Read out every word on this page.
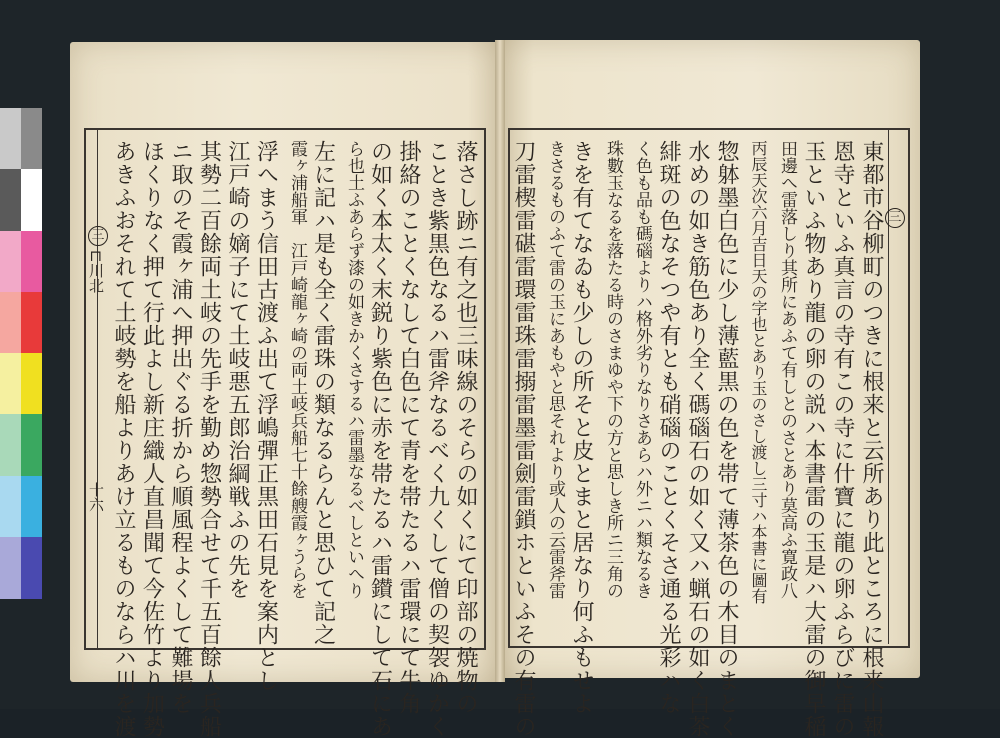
三
⊏川北
十六
三
落さし跡ニ有之也三味線のそらの如くにて印部の焼物の
ことき紫黒色なるハ雷斧なるべく九くして僧の契袈ゆかく
掛絡のことくなして白色にて青を帯たるハ雷環にて牛角
の如く本太く末鋭り紫色に赤を帯たるハ雷鑚にして石にあ
ら也土ふあらず漆の如きかくさするハ雷墨なるべしといへり
左に記ハ是も全く雷珠の類なるらんと思ひて記之
霞ヶ浦船軍　江戸崎龍ヶ崎の両土岐兵船七十餘艘霞ヶうらを
浮へまう信田古渡ふ出て浮嶋彈正黒田石見を案内とし
江戸崎の嫡子にて土岐悪五郎治綱戦ふの先を
其勢二百餘両土岐の先手を勤め惣勢合せて千五百餘人兵船
ニ取のそ霞ヶ浦へ押出ぐる折から順風程よくして難場を
ほくりなく押て行此よし新庄織人直昌聞て今佐竹より加勢
あきふおそれて土岐勢を船よりあけ立るものならハ川を渡	東都市谷柳町のつきに根来と云所あり此ところに根来山報
恩寺といふ真言の寺有この寺に什寶に龍の卵ふらびに雷の
玉といふ物あり龍の卵の説ハ本書雷の玉是ハ大雷の御早稲
田邊へ雷落しり其所にあふて有しとのさとあり莫高ふ寛政八
丙辰天次六月吉日天の字也とあり玉のさし渡し三寸ハ本書に圖有
惣躰墨白色に少し薄藍黒の色を帯て薄茶色の木目のまとく
水めの如き筋色あり全く碼碯石の如く又ハ蝋石の如く白茶
緋斑の色なそつや有とも硝碯のことくそさ通る光彩ハな
く色も品も碼碯よりハ格外劣りなりさあらハ外ニハ類なるき
珠數玉なるを落たる時のさまゆや下の方と思しき所ニ三角の
きを有てなゐも少しの所そと皮とまと居なり何ふもせよ
きさるものふて雷の玉にあもやと思それより或人の云雷斧雷
刀雷楔雷碪雷環雷珠雷搦雷墨雷劍雷鎖ホといふその有雷の
